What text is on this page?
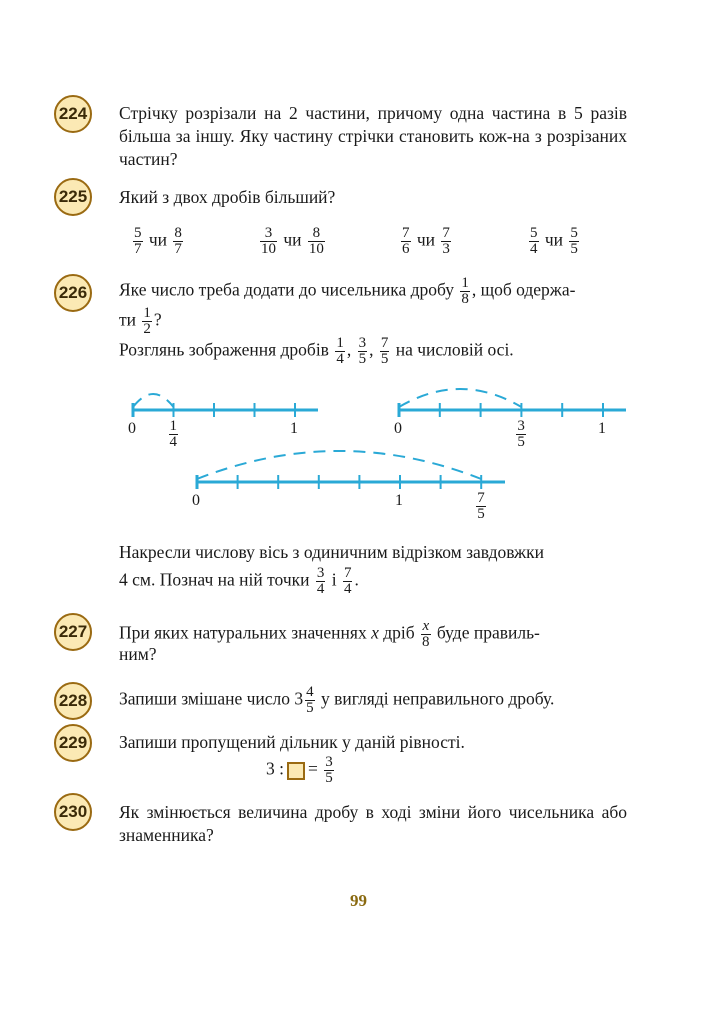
224 Стрічку розрізали на 2 частини, причому одна частина в 5 разів більша за іншу. Яку частину стрічки становить кож-на з розрізаних частин?
225 Який з двох дробів більший?
$\frac{5}{7}$ чи $\frac{8}{7}$	$\frac{3}{10}$ чи $\frac{8}{10}$	$\frac{7}{6}$ чи $\frac{7}{3}$	$\frac{5}{4}$ чи $\frac{5}{5}$
226 Яке число треба додати до чисельника дробу $\frac{1}{8}$ , щоб одержа-
ти $\frac{1}{2}$ ?
Розглянь зображення дробів $\frac{1}{4}$ , $\frac{3}{5}$ , $\frac{7}{5}$ на числовій осі.
0	1
$\frac{1}{4}$	0	1
$\frac{3}{5}$
0	1	$\frac{7}{5}$
Накресли числову вісь з одиничним відрізком завдовжки
4 см. Познач на ній точки $\frac{3}{4}$ і $\frac{7}{4}$ .
227 При яких натуральних значеннях x дріб $\frac{x}{8}$ буде правиль-
ним?
228 Запиши змішане число $3 \frac{4}{5}$ у вигляді неправильного дробу.
229 Запиши пропущений дільник у даній рівності.
3 : = $\frac{3}{5}$
230 Як змінюється величина дробу в ході зміни його чисельника або знаменника?
99
